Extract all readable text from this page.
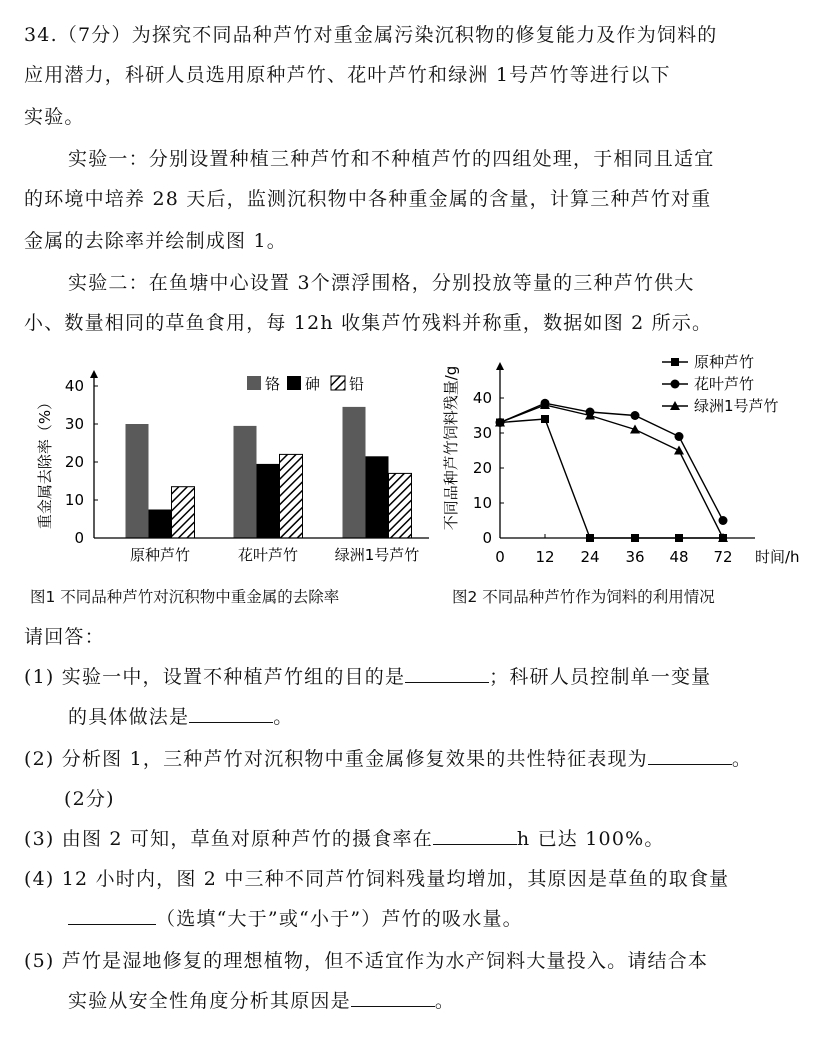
34.（7分）为探究不同品种芦竹对重金属污染沉积物的修复能力及作为饲料的
应用潜力，科研人员选用原种芦竹、花叶芦竹和绿洲 1号芦竹等进行以下
实验。
实验一：分别设置种植三种芦竹和不种植芦竹的四组处理，于相同且适宜
的环境中培养 28 天后，监测沉积物中各种重金属的含量，计算三种芦竹对重
金属的去除率并绘制成图 1。
实验二：在鱼塘中心设置 3个漂浮围格，分别投放等量的三种芦竹供大
小、数量相同的草鱼食用，每 12h 收集芦竹残料并称重，数据如图 2 所示。
0
10
20
30
40
重金属去除率（%）
原种芦竹	花叶芦竹 绿洲1号芦竹
铬 砷 铅
0
10
20
30
40
0 12 24 36 48 72 时间/h
不同品种芦竹饲料残量/g
原种芦竹
花叶芦竹
绿洲1号芦竹
图1 不同品种芦竹对沉积物中重金属的去除率	图2 不同品种芦竹作为饲料的利用情况
请回答：
(1) 实验一中，设置不种植芦竹组的目的是	；科研人员控制单一变量
的具体做法是	。
(2) 分析图 1，三种芦竹对沉积物中重金属修复效果的共性特征表现为	。
(2分)
(3) 由图 2 可知，草鱼对原种芦竹的摄食率在	h 已达 100%。
(4) 12 小时内，图 2 中三种不同芦竹饲料残量均增加，其原因是草鱼的取食量
（选填“大于”或“小于”）芦竹的吸水量。
(5) 芦竹是湿地修复的理想植物，但不适宜作为水产饲料大量投入。请结合本
实验从安全性角度分析其原因是	。
